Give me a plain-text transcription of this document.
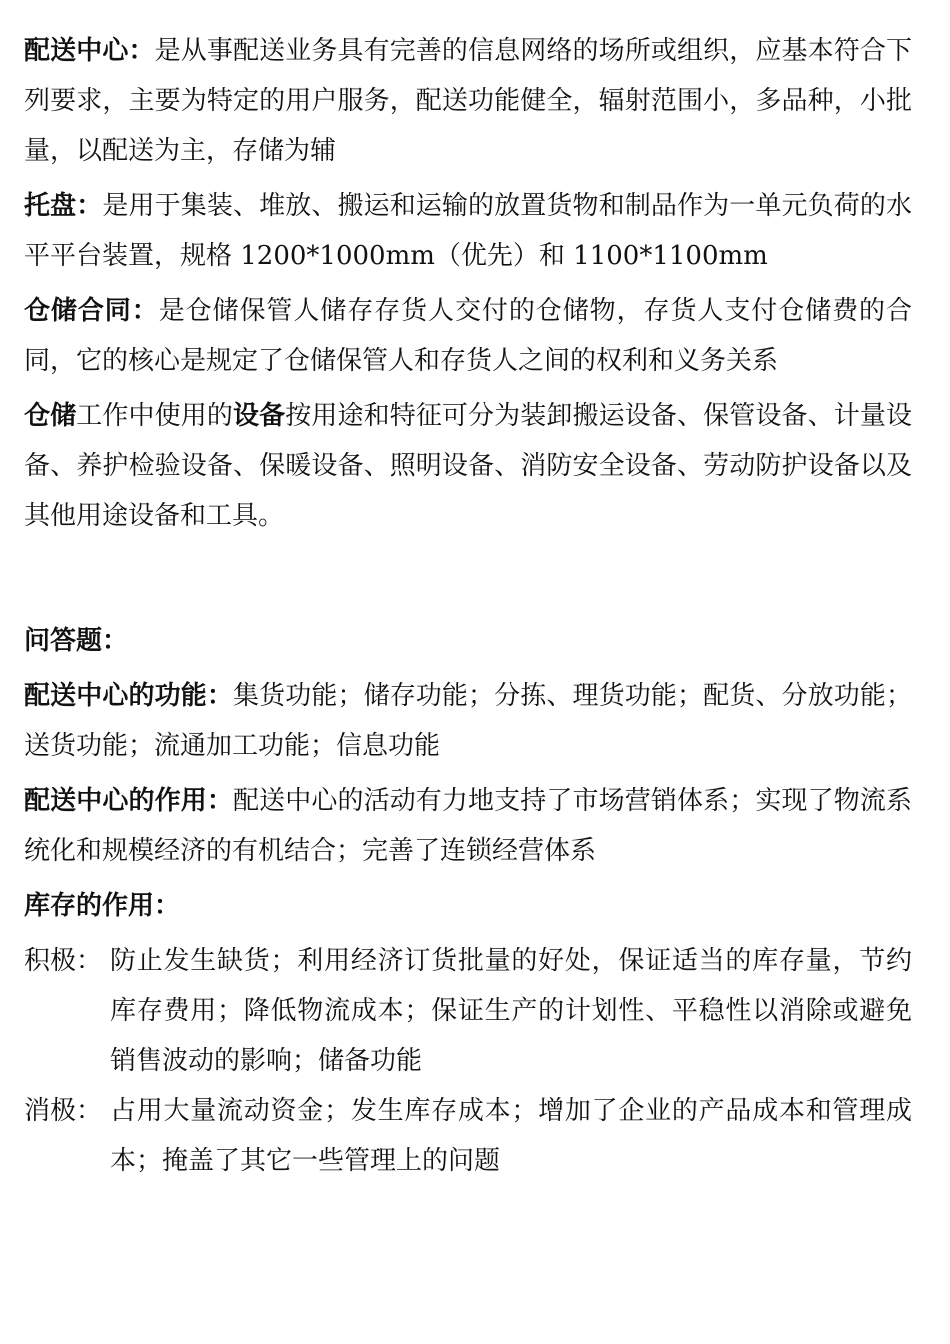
配送中心：是从事配送业务具有完善的信息网络的场所或组织，应基本符合下列要求，主要为特定的用户服务，配送功能健全，辐射范围小，多品种，小批量，以配送为主，存储为辅

托盘：是用于集装、堆放、搬运和运输的放置货物和制品作为一单元负荷的水平平台装置，规格 1200*1000mm（优先）和 1100*1100mm

仓储合同：是仓储保管人储存存货人交付的仓储物，存货人支付仓储费的合同，它的核心是规定了仓储保管人和存货人之间的权利和义务关系

仓储工作中使用的设备按用途和特征可分为装卸搬运设备、保管设备、计量设备、养护检验设备、保暖设备、照明设备、消防安全设备、劳动防护设备以及其他用途设备和工具。

问答题：

配送中心的功能：集货功能；储存功能；分拣、理货功能；配货、分放功能；送货功能；流通加工功能；信息功能

配送中心的作用：配送中心的活动有力地支持了市场营销体系；实现了物流系统化和规模经济的有机结合；完善了连锁经营体系

库存的作用：

积极： 防止发生缺货；利用经济订货批量的好处，保证适当的库存量，节约库存费用；降低物流成本；保证生产的计划性、平稳性以消除或避免销售波动的影响；储备功能
消极： 占用大量流动资金；发生库存成本；增加了企业的产品成本和管理成本；掩盖了其它一些管理上的问题
